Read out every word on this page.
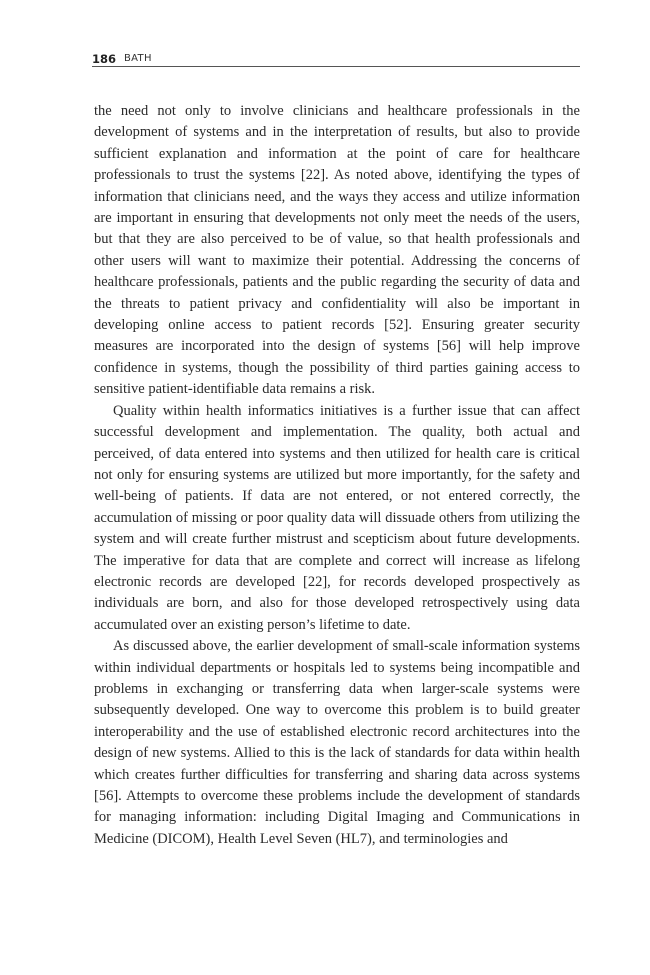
186 BATH

the need not only to involve clinicians and healthcare professionals in the development of systems and in the interpretation of results, but also to provide sufficient explanation and information at the point of care for healthcare professionals to trust the systems [22]. As noted above, identifying the types of information that clinicians need, and the ways they access and utilize information are important in ensuring that developments not only meet the needs of the users, but that they are also perceived to be of value, so that health professionals and other users will want to maximize their potential. Addressing the concerns of healthcare professionals, patients and the public regarding the security of data and the threats to patient privacy and confidentiality will also be important in developing online access to patient records [52]. Ensuring greater security measures are incorporated into the design of systems [56] will help improve confidence in systems, though the possibility of third parties gaining access to sensitive patient-identifiable data remains a risk.

Quality within health informatics initiatives is a further issue that can affect successful development and implementation. The quality, both actual and perceived, of data entered into systems and then utilized for health care is critical not only for ensuring systems are utilized but more importantly, for the safety and well-being of patients. If data are not entered, or not entered correctly, the accumulation of missing or poor quality data will dissuade others from utilizing the system and will create further mistrust and scepticism about future developments. The imperative for data that are complete and correct will increase as lifelong electronic records are developed [22], for records developed prospectively as individuals are born, and also for those developed retrospectively using data accumulated over an existing person’s lifetime to date.

As discussed above, the earlier development of small-scale information systems within individual departments or hospitals led to systems being incompatible and problems in exchanging or transferring data when larger-scale systems were subsequently developed. One way to overcome this problem is to build greater interoperability and the use of established electronic record architectures into the design of new systems. Allied to this is the lack of standards for data within health which creates further difficulties for transferring and sharing data across systems [56]. Attempts to overcome these problems include the development of standards for managing information: including Digital Imaging and Communications in Medicine (DICOM), Health Level Seven (HL7), and terminologies and
